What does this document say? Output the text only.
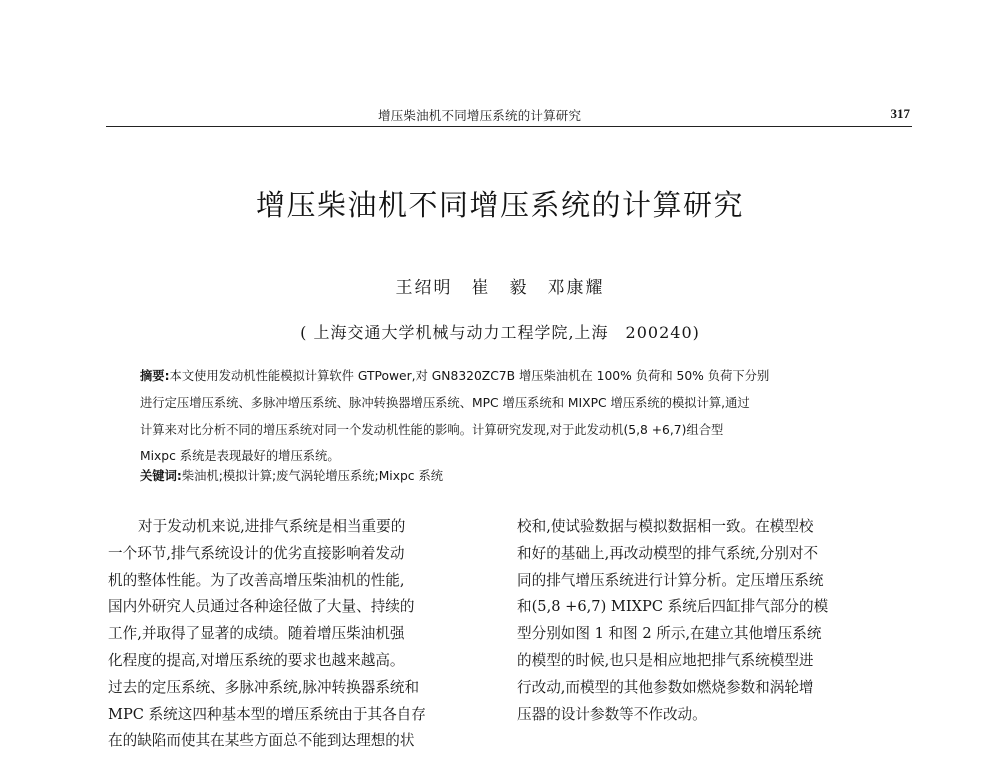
增压柴油机不同增压系统的计算研究	317
增压柴油机不同增压系统的计算研究
王绍明　崔　毅　邓康耀
( 上海交通大学机械与动力工程学院,上海　200240)
摘要:本文使用发动机性能模拟计算软件 GTPower,对 GN8320ZC7B 增压柴油机在 100% 负荷和 50% 负荷下分别
进行定压增压系统、多脉冲增压系统、脉冲转换器增压系统、MPC 增压系统和 MIXPC 增压系统的模拟计算,通过
计算来对比分析不同的增压系统对同一个发动机性能的影响。计算研究发现,对于此发动机(5,8 +6,7)组合型
Mixpc 系统是表现最好的增压系统。
关键词:柴油机;模拟计算;废气涡轮增压系统;Mixpc 系统
对于发动机来说,进排气系统是相当重要的
一个环节,排气系统设计的优劣直接影响着发动
机的整体性能。为了改善高增压柴油机的性能,
国内外研究人员通过各种途径做了大量、持续的
工作,并取得了显著的成绩。随着增压柴油机强
化程度的提高,对增压系统的要求也越来越高。
过去的定压系统、多脉冲系统,脉冲转换器系统和
MPC 系统这四种基本型的增压系统由于其各自存
在的缺陷而使其在某些方面总不能到达理想的状
校和,使试验数据与模拟数据相一致。在模型校
和好的基础上,再改动模型的排气系统,分别对不
同的排气增压系统进行计算分析。定压增压系统
和(5,8 +6,7) MIXPC 系统后四缸排气部分的模
型分别如图 1 和图 2 所示,在建立其他增压系统
的模型的时候,也只是相应地把排气系统模型进
行改动,而模型的其他参数如燃烧参数和涡轮增
压器的设计参数等不作改动。
